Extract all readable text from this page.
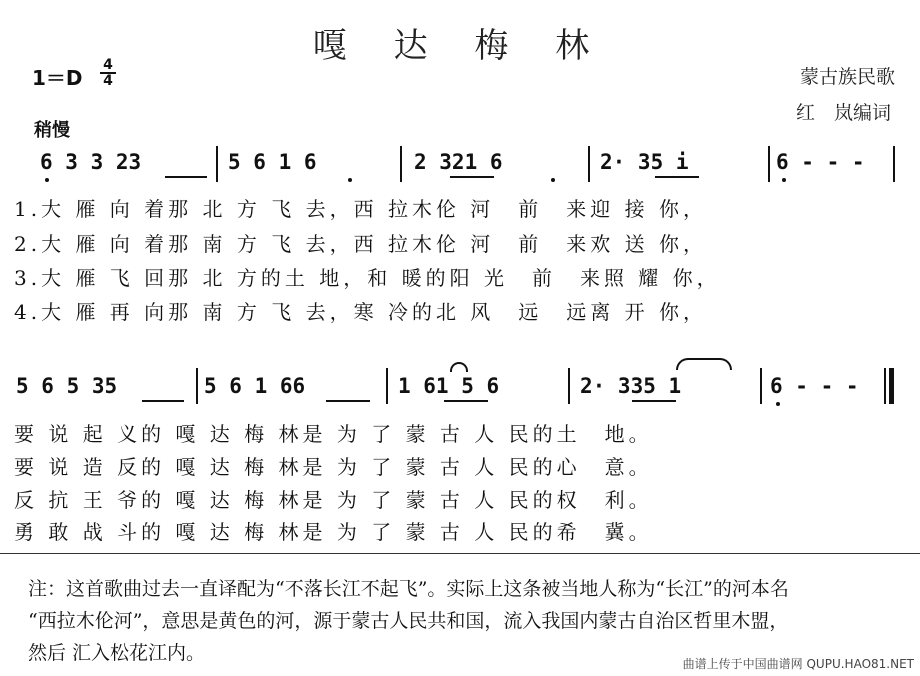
嘎 达 梅 林
1＝D
4
4	蒙古族民歌
红　岚编词
稍慢
6 3 3 23	5 6 1 6	2 321 6	2· 35 i	6 - - -
1.大 雁 向 着那 北 方 飞 去，西 拉木伦 河　前　来迎 接 你，
2.大 雁 向 着那 南 方 飞 去，西 拉木伦 河　前　来欢 送 你，
3.大 雁 飞 回那 北 方的土 地，和 暖的阳 光　前　来照 耀 你，
4.大 雁 再 向那 南 方 飞 去，寒 冷的北 风　远　远离 开 你，
5 6 5 35	5 6 1 66	1 61 5 6	2· 335 1	6 - - -
要 说 起 义的 嘎 达 梅 林是 为 了 蒙 古 人 民的土　地。
要 说 造 反的 嘎 达 梅 林是 为 了 蒙 古 人 民的心　意。
反 抗 王 爷的 嘎 达 梅 林是 为 了 蒙 古 人 民的权　利。
勇 敢 战 斗的 嘎 达 梅 林是 为 了 蒙 古 人 民的希　冀。
注：这首歌曲过去一直译配为“不落长江不起飞”。实际上这条被当地人称为“长江”的河本名
“西拉木伦河”，意思是黄色的河，源于蒙古人民共和国，流入我国内蒙古自治区哲里木盟，
然后 汇入松花江内。	曲谱上传于中国曲谱网 QUPU.HAO81.NET
